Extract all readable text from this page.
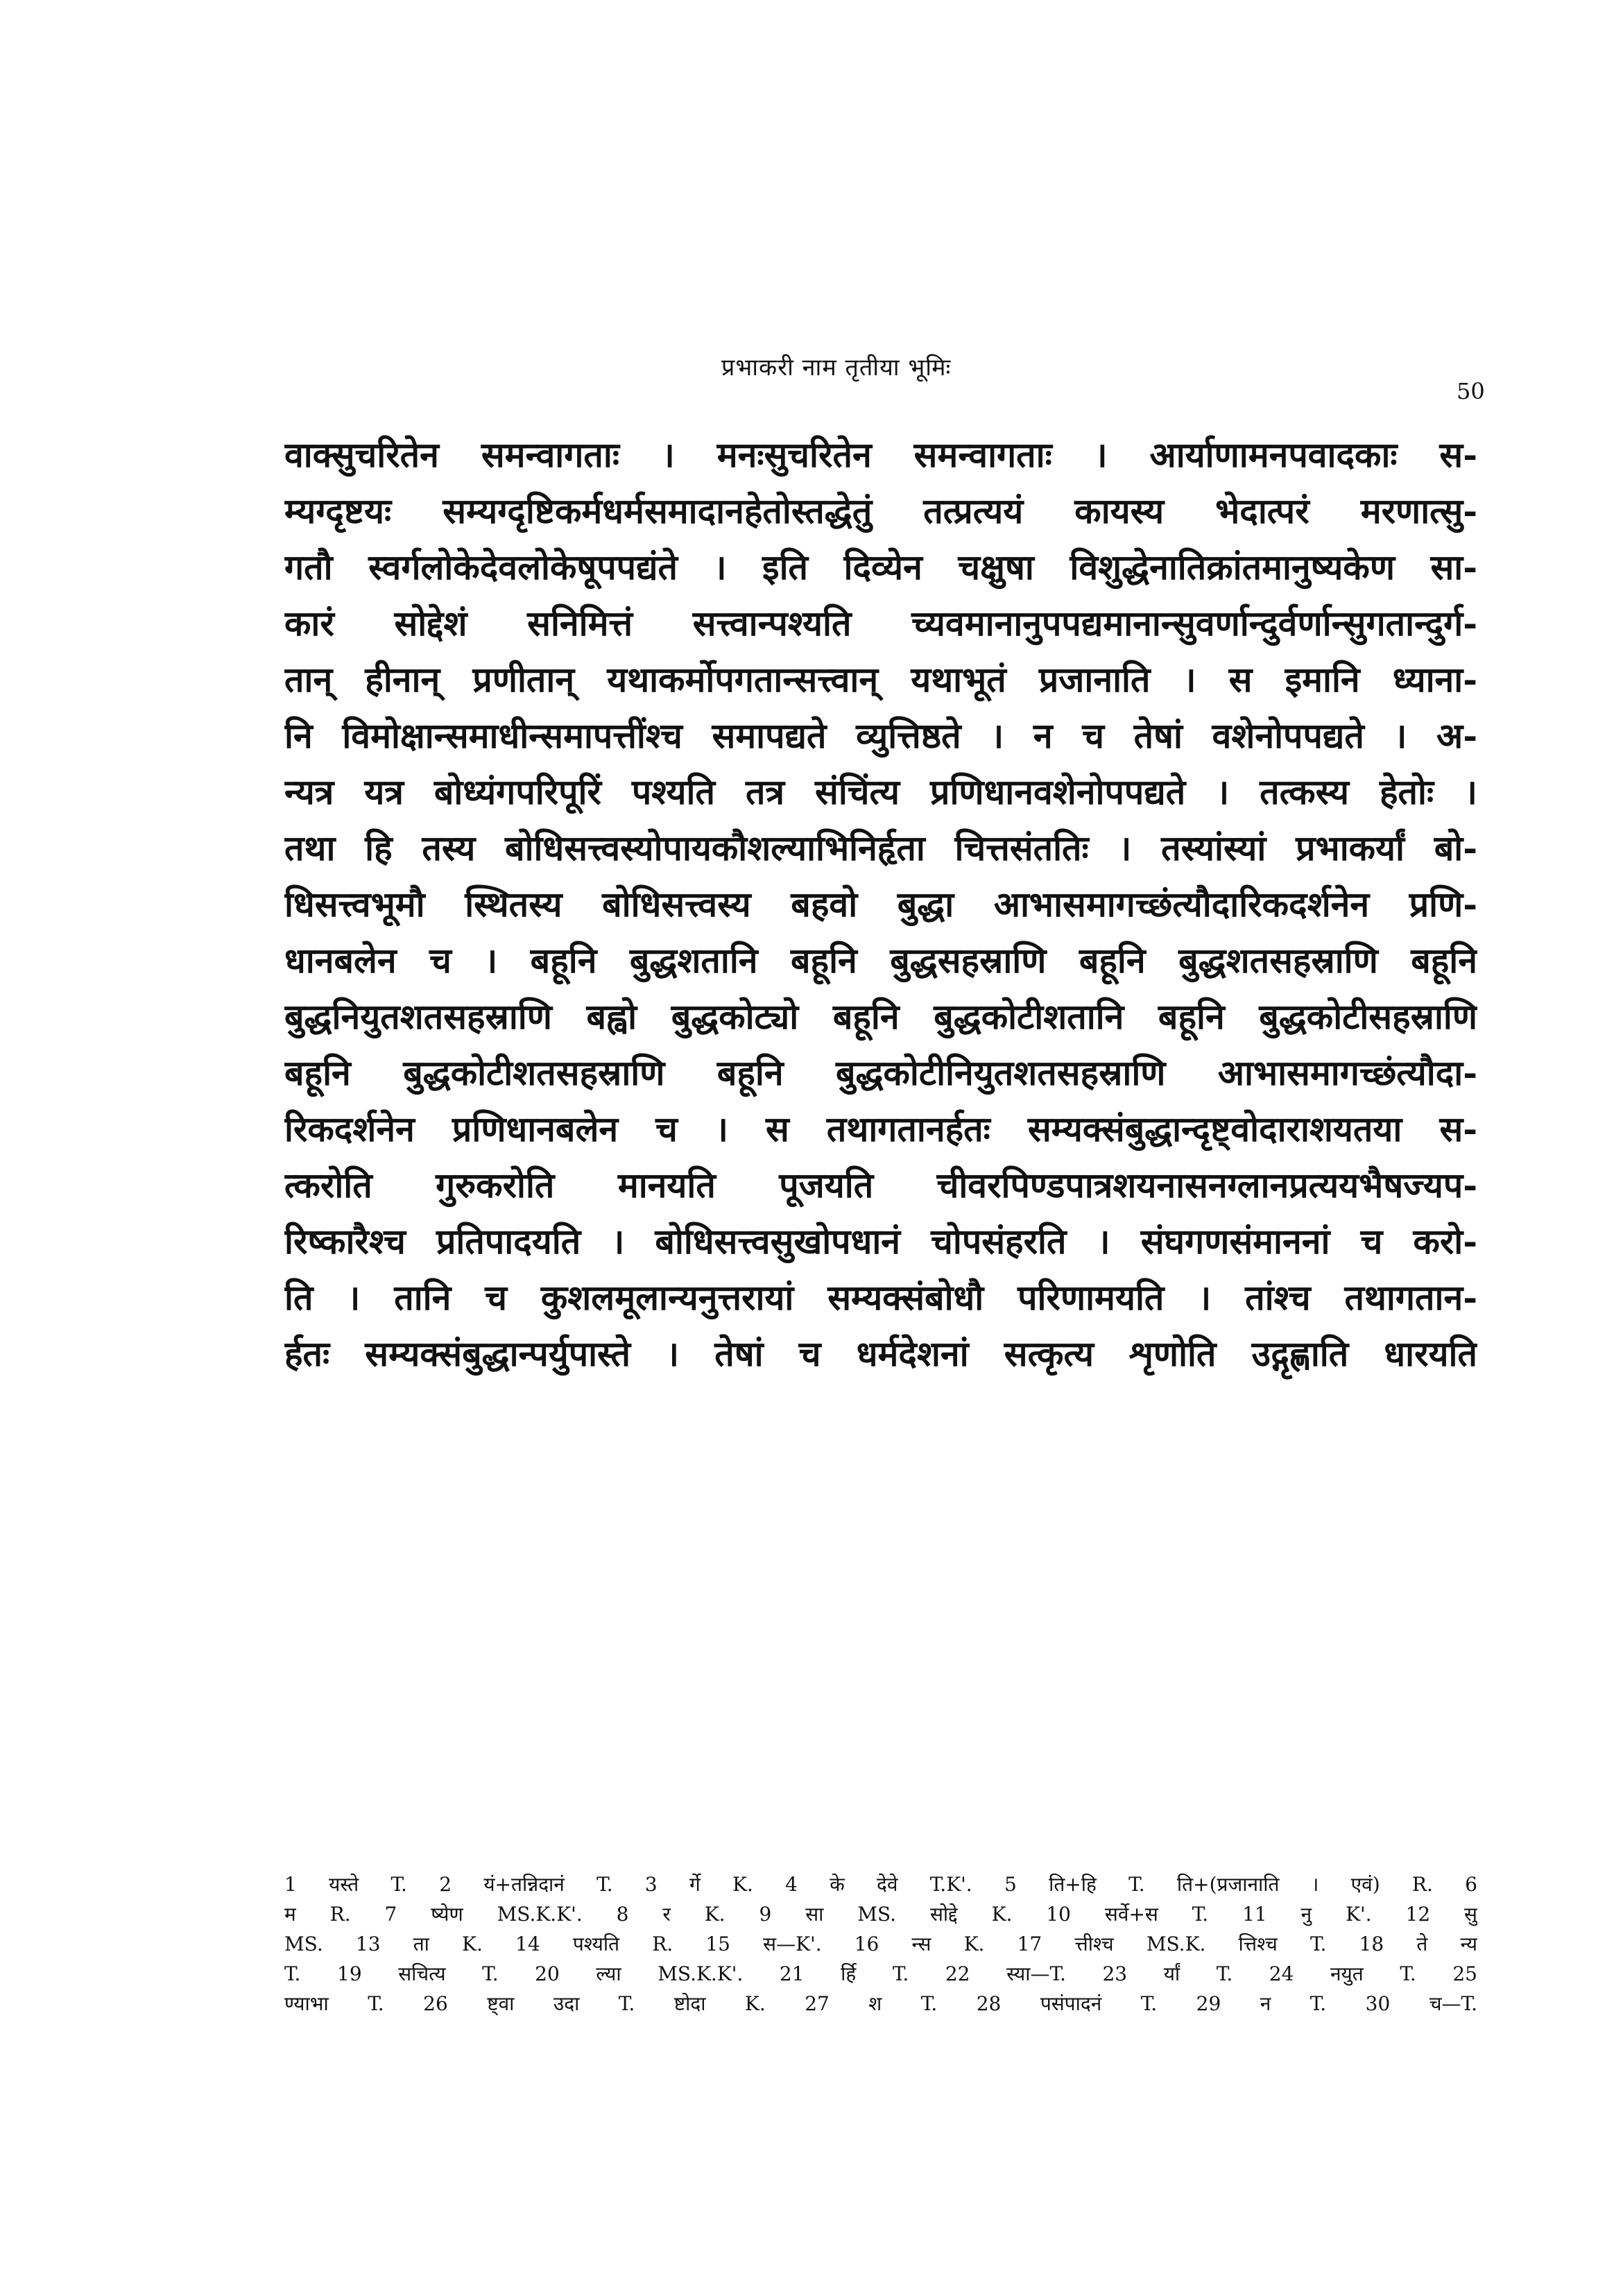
प्रभाकरी नाम तृतीया भूमिः
50
वाक्सुचरितेन समन्वागताः । मनःसुचरितेन समन्वागताः । आर्याणामनपवादकाः स-
म्यग्दृष्टयः सम्यग्दृष्टिकर्मधर्मसमादानहेतोस्तद्धेतुं तत्प्रत्ययं कायस्य भेदात्परं मरणात्सु-
गतौ स्वर्गलोकेदेवलोकेषूपपद्यंते । इति दिव्येन चक्षुषा विशुद्धेनातिक्रांतमानुष्यकेण सा-
कारं सोद्देशं सनिमित्तं सत्त्वान्पश्यति च्यवमानानुपपद्यमानान्सुवर्णान्दुर्वर्णान्सुगतान्दुर्ग-
तान् हीनान् प्रणीतान् यथाकर्मोपगतान्सत्त्वान् यथाभूतं प्रजानाति । स इमानि ध्याना-
नि विमोक्षान्समाधीन्समापत्तींश्च समापद्यते व्युत्तिष्ठते । न च तेषां वशेनोपपद्यते । अ-
न्यत्र यत्र बोध्यंगपरिपूरिं पश्यति तत्र संचिंत्य प्रणिधानवशेनोपपद्यते । तत्कस्य हेतोः ।
तथा हि तस्य बोधिसत्त्वस्योपायकौशल्याभिनिर्हृता चित्तसंततिः । तस्यांस्यां प्रभाकर्यां बो-
धिसत्त्वभूमौ स्थितस्य बोधिसत्त्वस्य बहवो बुद्धा आभासमागच्छंत्यौदारिकदर्शनेन प्रणि-
धानबलेन च । बहूनि बुद्धशतानि बहूनि बुद्धसहस्राणि बहूनि बुद्धशतसहस्राणि बहूनि
बुद्धनियुतशतसहस्राणि बह्वो बुद्धकोट्यो बहूनि बुद्धकोटीशतानि बहूनि बुद्धकोटीसहस्राणि
बहूनि बुद्धकोटीशतसहस्राणि बहूनि बुद्धकोटीनियुतशतसहस्राणि आभासमागच्छंत्यौदा-
रिकदर्शनेन प्रणिधानबलेन च । स तथागतानर्हतः सम्यक्संबुद्धान्दृष्ट्वोदाराशयतया स-
त्करोति गुरुकरोति मानयति पूजयति चीवरपिण्डपात्रशयनासनग्लानप्रत्ययभैषज्यप-
रिष्कारैश्च प्रतिपादयति । बोधिसत्त्वसुखोपधानं चोपसंहरति । संघगणसंमाननां च करो-
ति । तानि च कुशलमूलान्यनुत्तरायां सम्यक्संबोधौ परिणामयति । तांश्च तथागतान-
र्हतः सम्यक्संबुद्धान्पर्युपास्ते । तेषां च धर्मदेशनां सत्कृत्य शृणोति उद्गृह्णाति धारयति
1 यस्ते T. 2 यं+तन्निदानं T. 3 र्गे K. 4 के देवे T.K'. 5 ति+हि T. ति+(प्रजानाति । एवं) R. 6
म R. 7 ष्येण MS.K.K'. 8 र K. 9 सा MS. सोद्दे K. 10 सर्वे+स T. 11 नु K'. 12 सु
MS. 13 ता K. 14 पश्यति R. 15 स—K'. 16 न्स K. 17 त्तीश्च MS.K. त्तिश्च T. 18 ते न्य
T. 19 सचित्य T. 20 ल्या MS.K.K'. 21 र्हि T. 22 स्या—T. 23 र्यां T. 24 नयुत T. 25
ण्याभा T. 26 ष्ट्वा उदा T. ष्टोदा K. 27 श T. 28 पसंपादनं T. 29 न T. 30 च—T.
